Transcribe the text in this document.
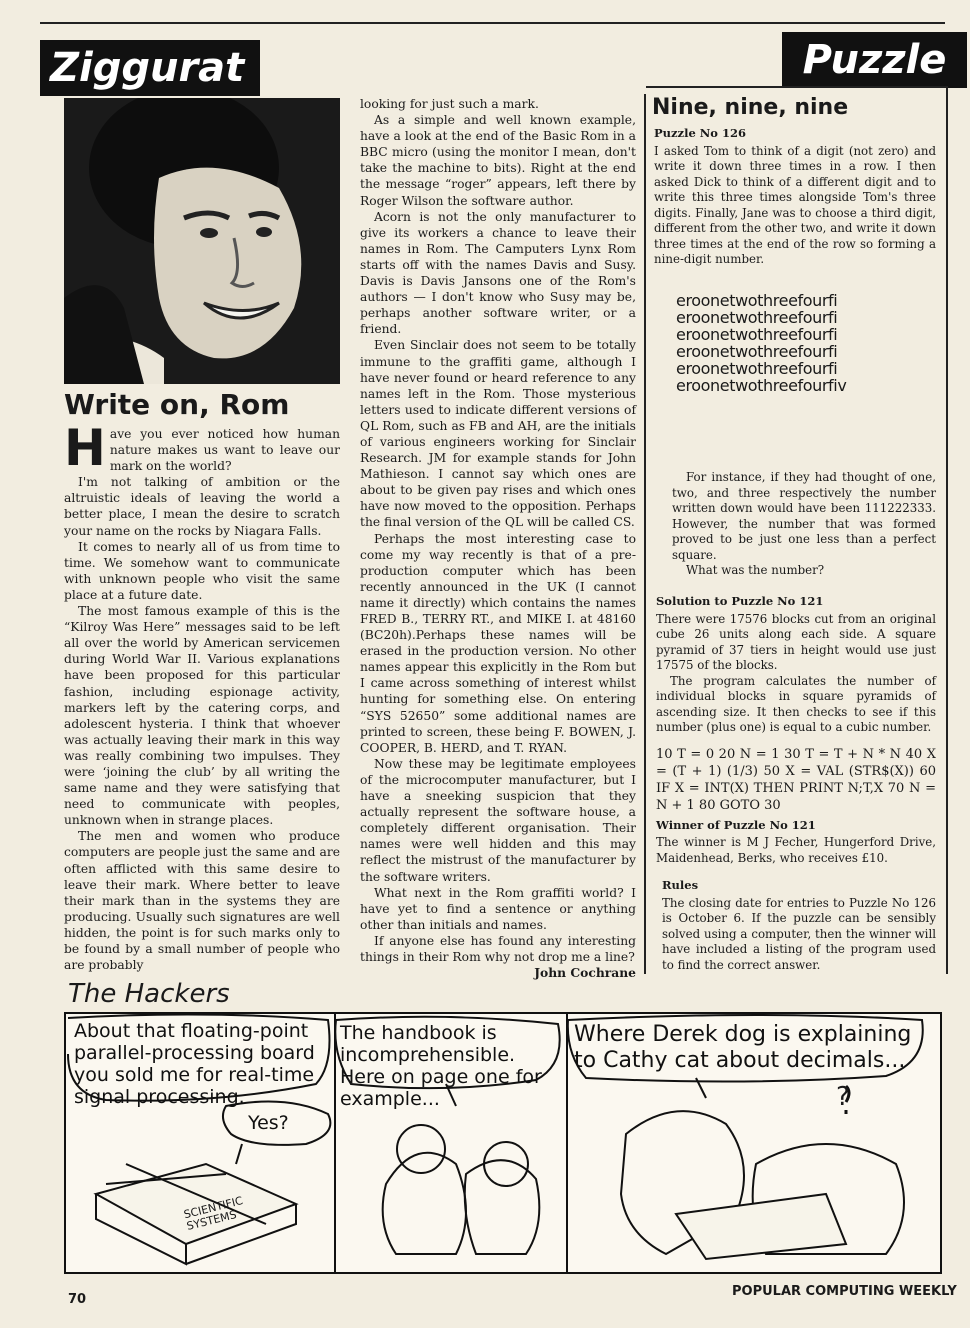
Ziggurat	Puzzle
Write on, Rom

Have you ever noticed how human nature makes us want to leave our mark on the world?

I'm not talking of ambition or the altruistic ideals of leaving the world a better place, I mean the desire to scratch your name on the rocks by Niagara Falls.

It comes to nearly all of us from time to time. We somehow want to communicate with unknown people who visit the same place at a future date.

The most famous example of this is the “Kilroy Was Here” messages said to be left all over the world by American servicemen during World War II. Various explanations have been proposed for this particular fashion, including espionage activity, markers left by the catering corps, and adolescent hysteria. I think that whoever was actually leaving their mark in this way was really combining two impulses. They were ‘joining the club’ by all writing the same name and they were satisfying that need to communicate with peoples, unknown when in strange places.

The men and women who produce computers are people just the same and are often afflicted with this same desire to leave their mark. Where better to leave their mark than in the systems they are producing. Usually such signatures are well hidden, the point is for such marks only to be found by a small number of people who are probably

looking for just such a mark.

As a simple and well known example, have a look at the end of the Basic Rom in a BBC micro (using the monitor I mean, don't take the machine to bits). Right at the end the message “roger” appears, left there by Roger Wilson the software author.

Acorn is not the only manufacturer to give its workers a chance to leave their names in Rom. The Camputers Lynx Rom starts off with the names Davis and Susy. Davis is Davis Jansons one of the Rom's authors — I don't know who Susy may be, perhaps another software writer, or a friend.

Even Sinclair does not seem to be totally immune to the graffiti game, although I have never found or heard reference to any names left in the Rom. Those mysterious letters used to indicate different versions of QL Rom, such as FB and AH, are the initials of various engineers working for Sinclair Research. JM for example stands for John Mathieson. I cannot say which ones are about to be given pay rises and which ones have now moved to the opposition. Perhaps the final version of the QL will be called CS.

Perhaps the most interesting case to come my way recently is that of a pre-production computer which has been recently announced in the UK (I cannot name it directly) which contains the names FRED B., TERRY RT., and MIKE I. at 48160 (BC20h).Perhaps these names will be erased in the production version. No other names appear this explicitly in the Rom but I came across something of interest whilst hunting for something else. On entering “SYS 52650” some additional names are printed to screen, these being F. BOWEN, J. COOPER, B. HERD, and T. RYAN.

Now these may be legitimate employees of the microcomputer manufacturer, but I have a sneeking suspicion that they actually represent the software house, a completely different organisation. Their names were well hidden and this may reflect the mistrust of the manufacturer by the software writers.

What next in the Rom graffiti world? I have yet to find a sentence or anything other than initials and names.

If anyone else has found any interesting things in their Rom why not drop me a line?

John Cochrane
Nine, nine, nine
Puzzle No 126

I asked Tom to think of a digit (not zero) and write it down three times in a row. I then asked Dick to think of a different digit and to write this three times alongside Tom's three digits. Finally, Jane was to choose a third digit, different from the other two, and write it down three times at the end of the row so forming a nine-digit number.

eroonetwothreefourfi
eroonetwothreefourfi
eroonetwothreefourfi
eroonetwothreefourfi
eroonetwothreefourfi
eroonetwothreefourfiv

For instance, if they had thought of one, two, and three respectively the number written down would have been 111222333. However, the number that was formed proved to be just one less than a perfect square.

What was the number?

Solution to Puzzle No 121

There were 17576 blocks cut from an original cube 26 units along each side. A square pyramid of 37 tiers in height would use just 17575 of the blocks.

The program calculates the number of individual blocks in square pyramids of ascending size. It then checks to see if this number (plus one) is equal to a cubic number.

10 T = 0 20 N = 1 30 T = T + N * N 40 X = (T + 1) (1/3) 50 X = VAL (STR$(X)) 60 IF X = INT(X) THEN PRINT N;T,X 70 N = N + 1 80 GOTO 30
Winner of Puzzle No 121

The winner is M J Fecher, Hungerford Drive, Maidenhead, Berks, who receives £10.

Rules

The closing date for entries to Puzzle No 126 is October 6. If the puzzle can be sensibly solved using a computer, then the winner will have included a listing of the program used to find the correct answer.

The Hackers
About that floating-point parallel-processing board you sold me for real-time signal processing.
Yes?
SCIENTIFIC SYSTEMS
The handbook is incomprehensible. Here on page one for example...
Where Derek dog is explaining to Cathy cat about decimals...
?
70
POPULAR COMPUTING WEEKLY
